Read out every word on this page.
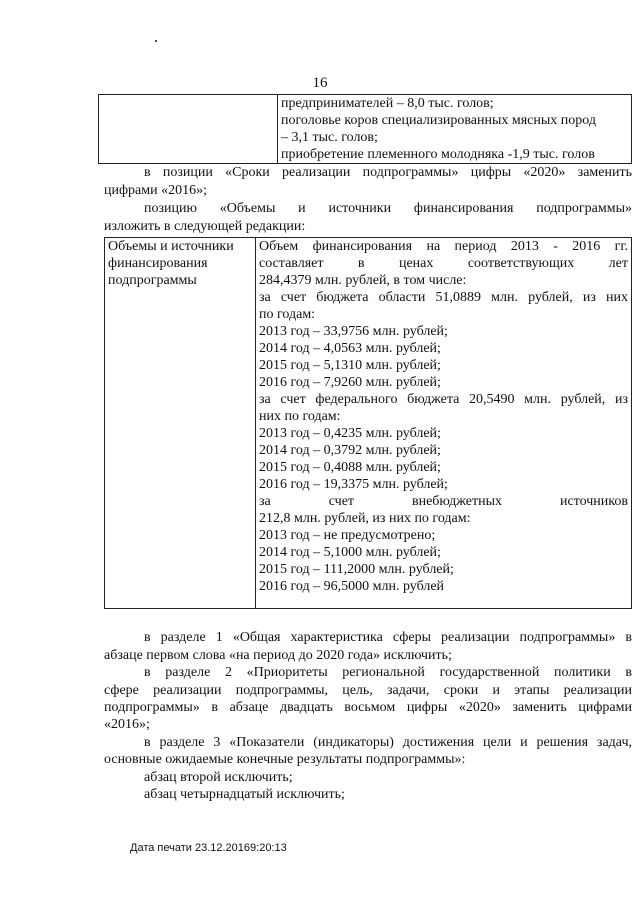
16

предпринимателей – 8,0 тыс. голов;
поголовье коров специализированных мясных пород
– 3,1 тыс. голов;
приобретение племенного молодняка -1,9 тыс. голов

в позиции «Сроки реализации подпрограммы» цифры «2020» заменить

цифрами «2016»;

позицию «Объемы и источники финансирования подпрограммы»

изложить в следующей редакции:

Объемы и источники
финансирования
подпрограммы

Объем финансирования на период 2013 - 2016 гг.
составляет в ценах соответствующих лет
284,4379 млн. рублей, в том числе:
за счет бюджета области 51,0889 млн. рублей, из них
по годам:
2013 год – 33,9756 млн. рублей;
2014 год – 4,0563 млн. рублей;
2015 год – 5,1310 млн. рублей;
2016 год – 7,9260 млн. рублей;
за счет федерального бюджета 20,5490 млн. рублей, из
них по годам:
2013 год – 0,4235 млн. рублей;
2014 год – 0,3792 млн. рублей;
2015 год – 0,4088 млн. рублей;
2016 год – 19,3375 млн. рублей;
за счет внебюджетных источников
212,8 млн. рублей, из них по годам:
2013 год – не предусмотрено;
2014 год – 5,1000 млн. рублей;
2015 год – 111,2000 млн. рублей;
2016 год – 96,5000 млн. рублей

в разделе 1 «Общая характеристика сферы реализации подпрограммы» в

абзаце первом слова «на период до 2020 года» исключить;

в разделе 2 «Приоритеты региональной государственной политики в

сфере реализации подпрограммы, цель, задачи, сроки и этапы реализации

подпрограммы» в абзаце двадцать восьмом цифры «2020» заменить цифрами

«2016»;

в разделе 3 «Показатели (индикаторы) достижения цели и решения задач,

основные ожидаемые конечные результаты подпрограммы»:

абзац второй исключить;

абзац четырнадцатый исключить;

Дата печати 23.12.20169:20:13
